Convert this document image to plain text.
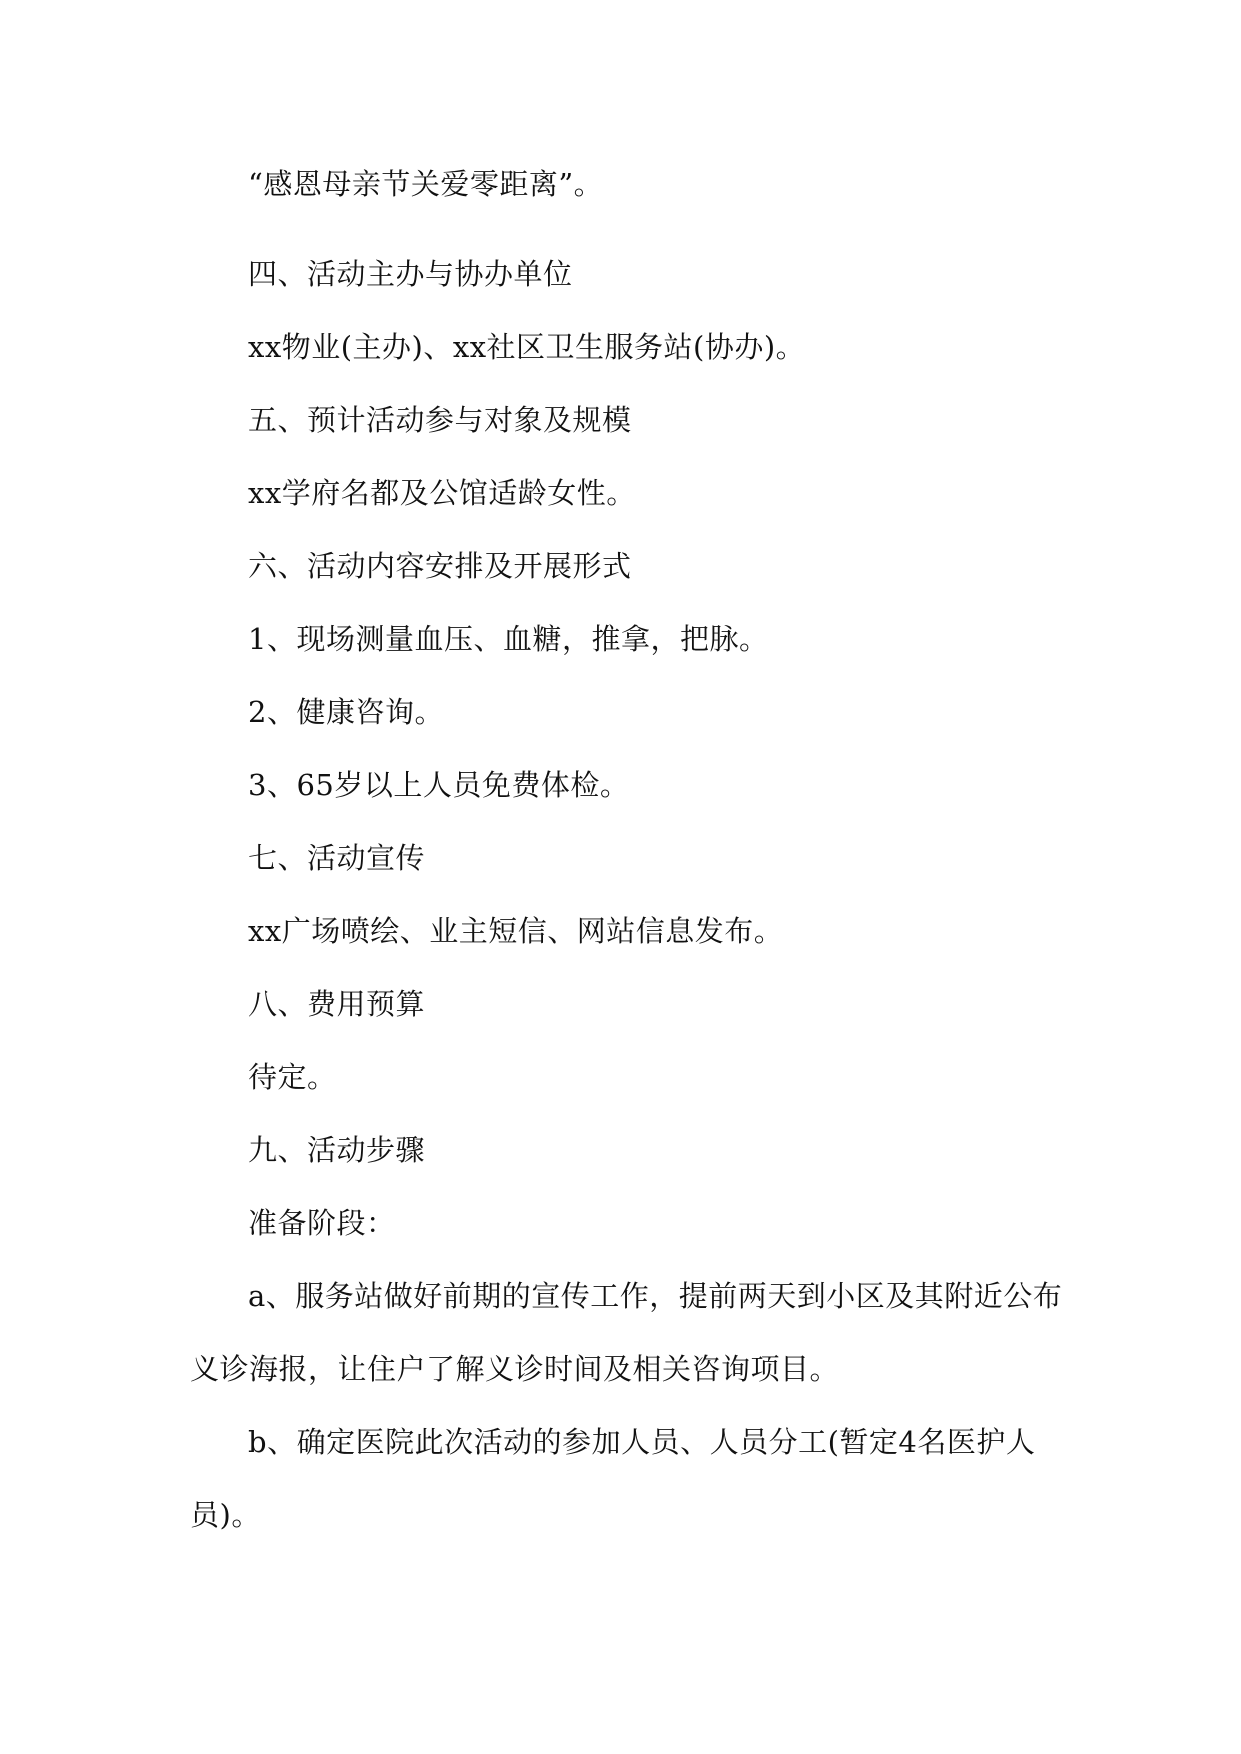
“感恩母亲节关爱零距离”。
四、活动主办与协办单位
xx物业(主办)、xx社区卫生服务站(协办)。
五、预计活动参与对象及规模
xx学府名都及公馆适龄女性。
六、活动内容安排及开展形式
1、现场测量血压、血糖，推拿，把脉。
2、健康咨询。
3、65岁以上人员免费体检。
七、活动宣传
xx广场喷绘、业主短信、网站信息发布。
八、费用预算
待定。
九、活动步骤
准备阶段：
a、服务站做好前期的宣传工作，提前两天到小区及其附近公布
义诊海报，让住户了解义诊时间及相关咨询项目。
b、确定医院此次活动的参加人员、人员分工(暂定4名医护人
员)。
